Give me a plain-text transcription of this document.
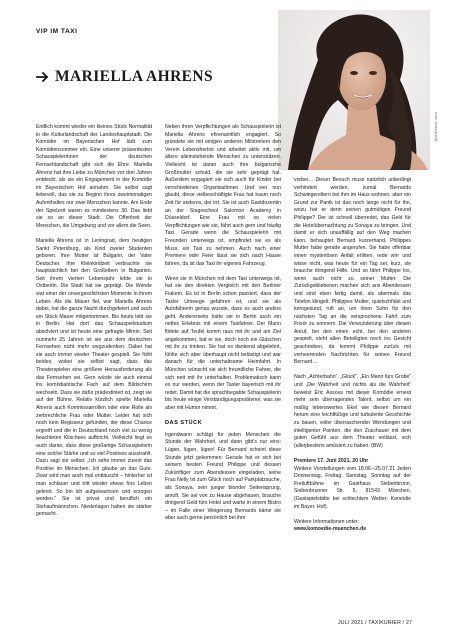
VIP IM TAXI
MARIELLA AHRENS
@wiedeck.com

Endlich kommt wieder ein kleines Stück Normalität in die Kulturlandschaft der Landeshauptstadt. Die Komödie im Bayerischen Hof lädt zum Komödiensommer ein. Eine unserer präsentesten Schauspielerinnen der deutschen Fernsehlandschaft gibt sich die Ehre. Mariella Ahrens hat ihre Liebe zu München vor drei Jahren entdeckt, als sie ein Engagement in der Komödie im Bayerischen Hof annahm. Sie selbst sagt liebevoll, das sie zu Beginn ihres zweimonatigen Aufenthaltes nur zwei Menschen kannte. Am Ende der Spielzeit waren es mindestens 30. Das liebt sie so an dieser Stadt. Die Offenheit der Menschen, die Umgebung und vor allem die Seen.

Mariella Ahrens ist in Leningrad, dem heutigen Sankt Petersburg, als Kind zweier Studenten geboren. Ihre Mutter ist Bulgarin, der Vater Deutscher. Ihre Kleinkindzeit verbrachte sie hauptsächlich bei den Großeltern in Bulgarien. Seit ihrem vierten Lebensjahr lebte sie in Ostberlin. Die Stadt hat sie geprägt. Die Wende war einer der unvergesslichsten Momente in ihrem Leben. Als die Mauer fiel, war Mariella Ahrens dabei, hat die ganze Nacht durchgefeiert und auch ein Stück Mauer mitgenommen. Bis heute lebt sie in Berlin. Hat dort das Schauspielstudium absolviert und ist heute eine gefragte Mimin. Seit nunmehr 25 Jahren ist sie aus dem deutschen Fernsehen nicht mehr wegzudenken. Dabei hat sie auch immer wieder Theater gespielt. Sie fühlt beides, wobei sie selbst sagt, dass das Theaterspielen eine größere Herausforderung als das Fernsehen sei. Gern würde sie auch einmal ins komödiantische Fach auf dem Bildschirm wechseln. Dass sie dafür prädestiniert ist, zeigt sie auf der Bühne. Relativ kürzlich spielte Mariella Ahrens auch Kommissarrollen oder eine Rolle als zerbrechliche Frau oder Mutter. Leider hat sich noch kein Regisseur gefunden, der diese Chance ergreift und die in Deutschland noch viel zu wenig beachteten Klischees aufbricht. Vielleicht liegt es auch daran, dass diese großartige Schauspielerin eine solche Stärke und so viel Positives ausstrahlt. Dazu sagt sie selbst: „Ich sehe immer zuerst das Positive im Menschen. Ich glaube an das Gute. Zwar wird man auch mal enttäuscht – hinterher ist man schlauer und tritt wieder etwas fürs Leben gelernt. So bin ich aufgewachsen und erzogen worden.“ Sie ist privat und beruflich ein Stehaufmännchen. Niederlagen haben sie stärker gemacht.

Neben ihren Verpflichtungen als Schauspielerin ist Mariella Ahrens ehrenamtlich engagiert. So gründete sie mit einigen anderen Mitstreitern den Verein Lebensherbst und arbeitet aktiv mit, um ältere alleinstehende Menschen zu unterstützen. Vielleicht ist daran auch ihre bulgarische Großmutter schuld, die sie sehr geprägt hat. Außerdem engagiert sie sich auch für Kinder bei verschiedenen Organisationen. Und wer nun glaubt, diese vielbeschäftigte Frau hat kaum noch Zeit für anderes, der irrt. Sie ist auch Gastdozentin an der Stageschool Salomon Academy in Düsseldorf. Eine Frau mit so vielen Verpflichtungen wie sie, fährt auch gern und häufig Taxi. Gerade wenn die Schauspielerin mit Freunden unterwegs ist, empfindet sie es als Muss, ein Taxi zu nehmen. Auch nach einer Premiere oder Feier lässt sie sich nach Hause fahren, da ist das Taxi ihr eigenes Fahrzeug.

Wenn sie in München mit dem Taxi unterwegs ist, hat sie den direkten Vergleich mit den Berliner Fiakern. Es ist in Berlin schon passiert, dass der Taxler Umwege gefahren ist, und sie als Autofahrerin genau wusste, dass es auch anders geht. Andererseits hatte sie in Berlin auch ein nettes Erlebnis mit einem Taxifahrer. Der Mann flirtete auf Teufel komm raus mit ihr und am Ziel angekommen, bat er sie, doch noch ein Gläschen mit ihr zu trinken. Sie hat es dankend abgelehnt, fühlte sich aber überhaupt nicht belästigt und war danach für die unterhaltsame Heimfahrt. In München wünscht sie sich freundliche Fahrer, die sich nett mit ihr unterhalten. Problematisch kann es nur werden, wenn der Taxler bayerisch mit ihr redet. Damit hat die sprachbegabte Schauspielerin bis heute einige Verständigungsprobleme, was sie aber mit Humor nimmt.

DAS STÜCK

Irgendwann schlägt für jeden Menschen die Stunde der Wahrheit, und dann gibt's nur eins: Lügen, lügen, lügen! Für Bernard scheint diese Stunde jetzt gekommen: Gerade hat er sich bei seinem besten Freund Philippe und dessen Zukünftiger zum Abendessen eingeladen, seine Frau Nelly ist zum Glück noch auf Parkplatzsuche, als Sonaya, sein junger blonder Seitensprung, anruft. Sie sei von zu Hause abgehauen, brauche dringend Geld fürs Hotel und warte in einem Bistro – im Falle einer Weigerung Bernards käme sie aber auch gerne persönlich bei ihm

vorbei… Dieser Besuch muss natürlich unbedingt verhindert werden, zumal Bernards Schwiegereltern bei ihm im Haus wohnen, aber ein Grund zur Panik ist das noch lange nicht für ihn, wozu hat er denn seinen gutmütigen Freund Philippe? Der ist schnell überredet, das Geld für die Hotelübernachtung zu Sonaya zu bringen. Und damit er sich unauffällig auf den Weg machen kann, behauptet Bernard kurzerhand, Philippes Mutter habe gerade angerufen. Sie habe offenbar einen mysteriösen Anfall erlitten, rede wirr und wisse nicht, was heute für ein Tag sei, kurz, sie brauche dringend Hilfe. Und so fährt Philippe los, wenn auch nicht zu seiner Mutter. Die Zurückgebliebenen machen sich ans Abendessen und sind eben fertig damit, als abermals das Telefon klingelt: Philippes Mutter, quietschfidel und kerngesund, ruft an, um ihren Sohn für den nächsten Tag an die versprochene Fahrt zum Frisör zu erinnern. Die Verwunderung über diesen Anruf, bei den einen echt, bei den anderen gespielt, steht allen Beteiligten noch ins Gesicht geschrieben, da kommt Philippe zurück mit verheerenden Nachrichten für seinen Freund Bernard…

Nach „Achterbahn“, „Glück“, „Ein Mann fürs Grobe“ und „Die Wahrheit und nichts als die Wahrheit“ beweist Éric Assous mit dieser Komödie erneut mehr sein überragendes Talent, selbst um ein mäßig lebenswertes Ekel wie diesen Bernard herum eine leichtfüßige und turbulente Geschichte zu bauen, voller überraschender Wendungen und intelligenter Pointen, die den Zuschauer mit dem guten Gefühl aus dem Theater entlässt, sich (allerjbestens amüsiert zu haben. (BW)

Premiere 17. Juni 2021, 20 Uhr

Weitere Vorstellungen vom 18.06.–25.07.21 Jeden Donnerstag, Freitag, Samstag, Sonntag auf der Freiluftbühne im Gasthaus Siebenbrunn, Siebenbrunner Str. 5, 81543 München. (Gastspielstätte bei schlechtem Wetter: Komödie im Bayer. Hof).

Weitere Informationen unter:
www.komoedie-muenchen.de
JULI 2021 / TAXIKURIER / 27
